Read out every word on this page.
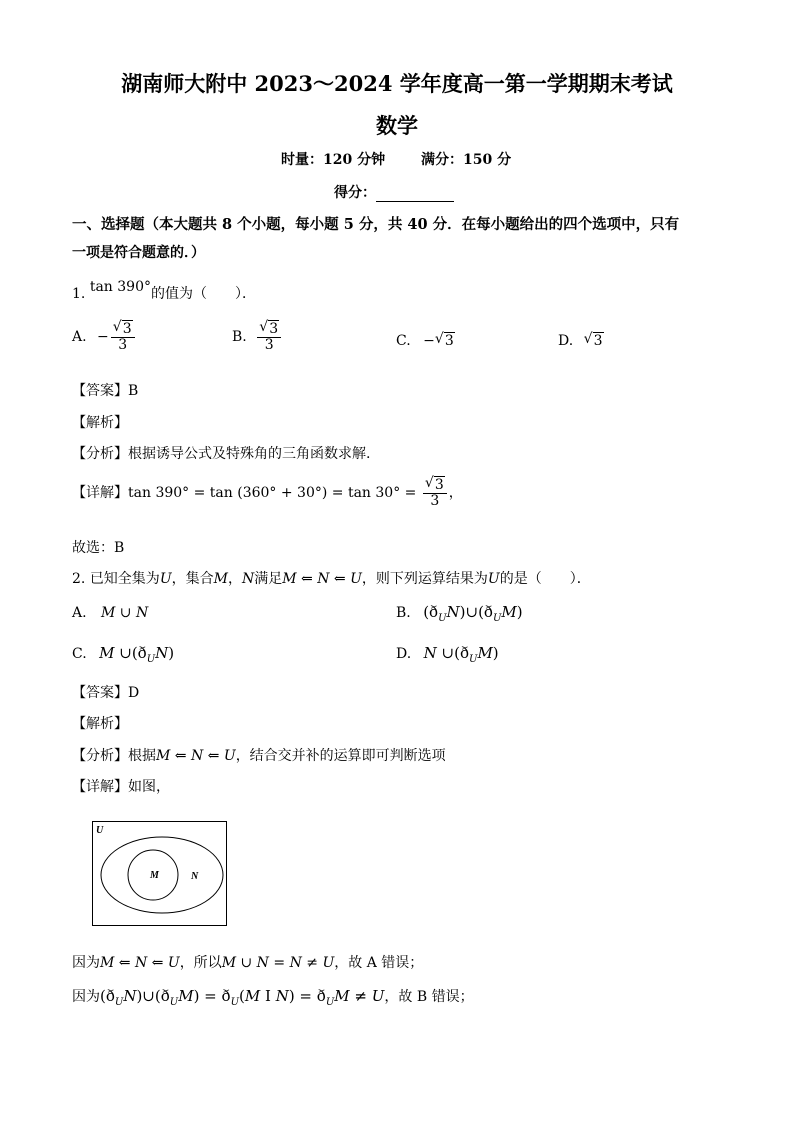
湖南师大附中 2023～2024 学年度高一第一学期期末考试
数学
时量：120 分钟	满分：150 分
得分：
一、选择题（本大题共 8 个小题，每小题 5 分，共 40 分．在每小题给出的四个选项中，只有
一项是符合题意的．）
1. tan 390°的值为（　　）．
A. − √ $\frac{3}{3}$	B. √ $\frac{3}{3}$	C. − √ 3	D. √ 3
【答案】B
【解析】
【分析】根据诱导公式及特殊角的三角函数求解.
【详解】tan 390° = tan (360° + 30°) = tan 30° = √ $\frac{3}{3}$ ，
故选：B
2. 已知全集为U，集合M，N满足M ⇐ N ⇐ U，则下列运算结果为U的是（　　）．
A. M ∪ N	B. $(ð_UN)\cup(ð_UM)$
C. M $\cup(ð_UN)$	D. N $\cup(ð_UM)$
【答案】D
【解析】
【分析】根据M ⇐ N ⇐ U，结合交并补的运算即可判断选项
【详解】如图，
U
M	N
因为M ⇐ N ⇐ U，所以M ∪ N = N ≠ U，故 A 错误；
因为$(ð_UN)\cup(ð_UM)$ = $ð_U(M$ Ι $N) = ð_UM \ne U$，故 B 错误；
